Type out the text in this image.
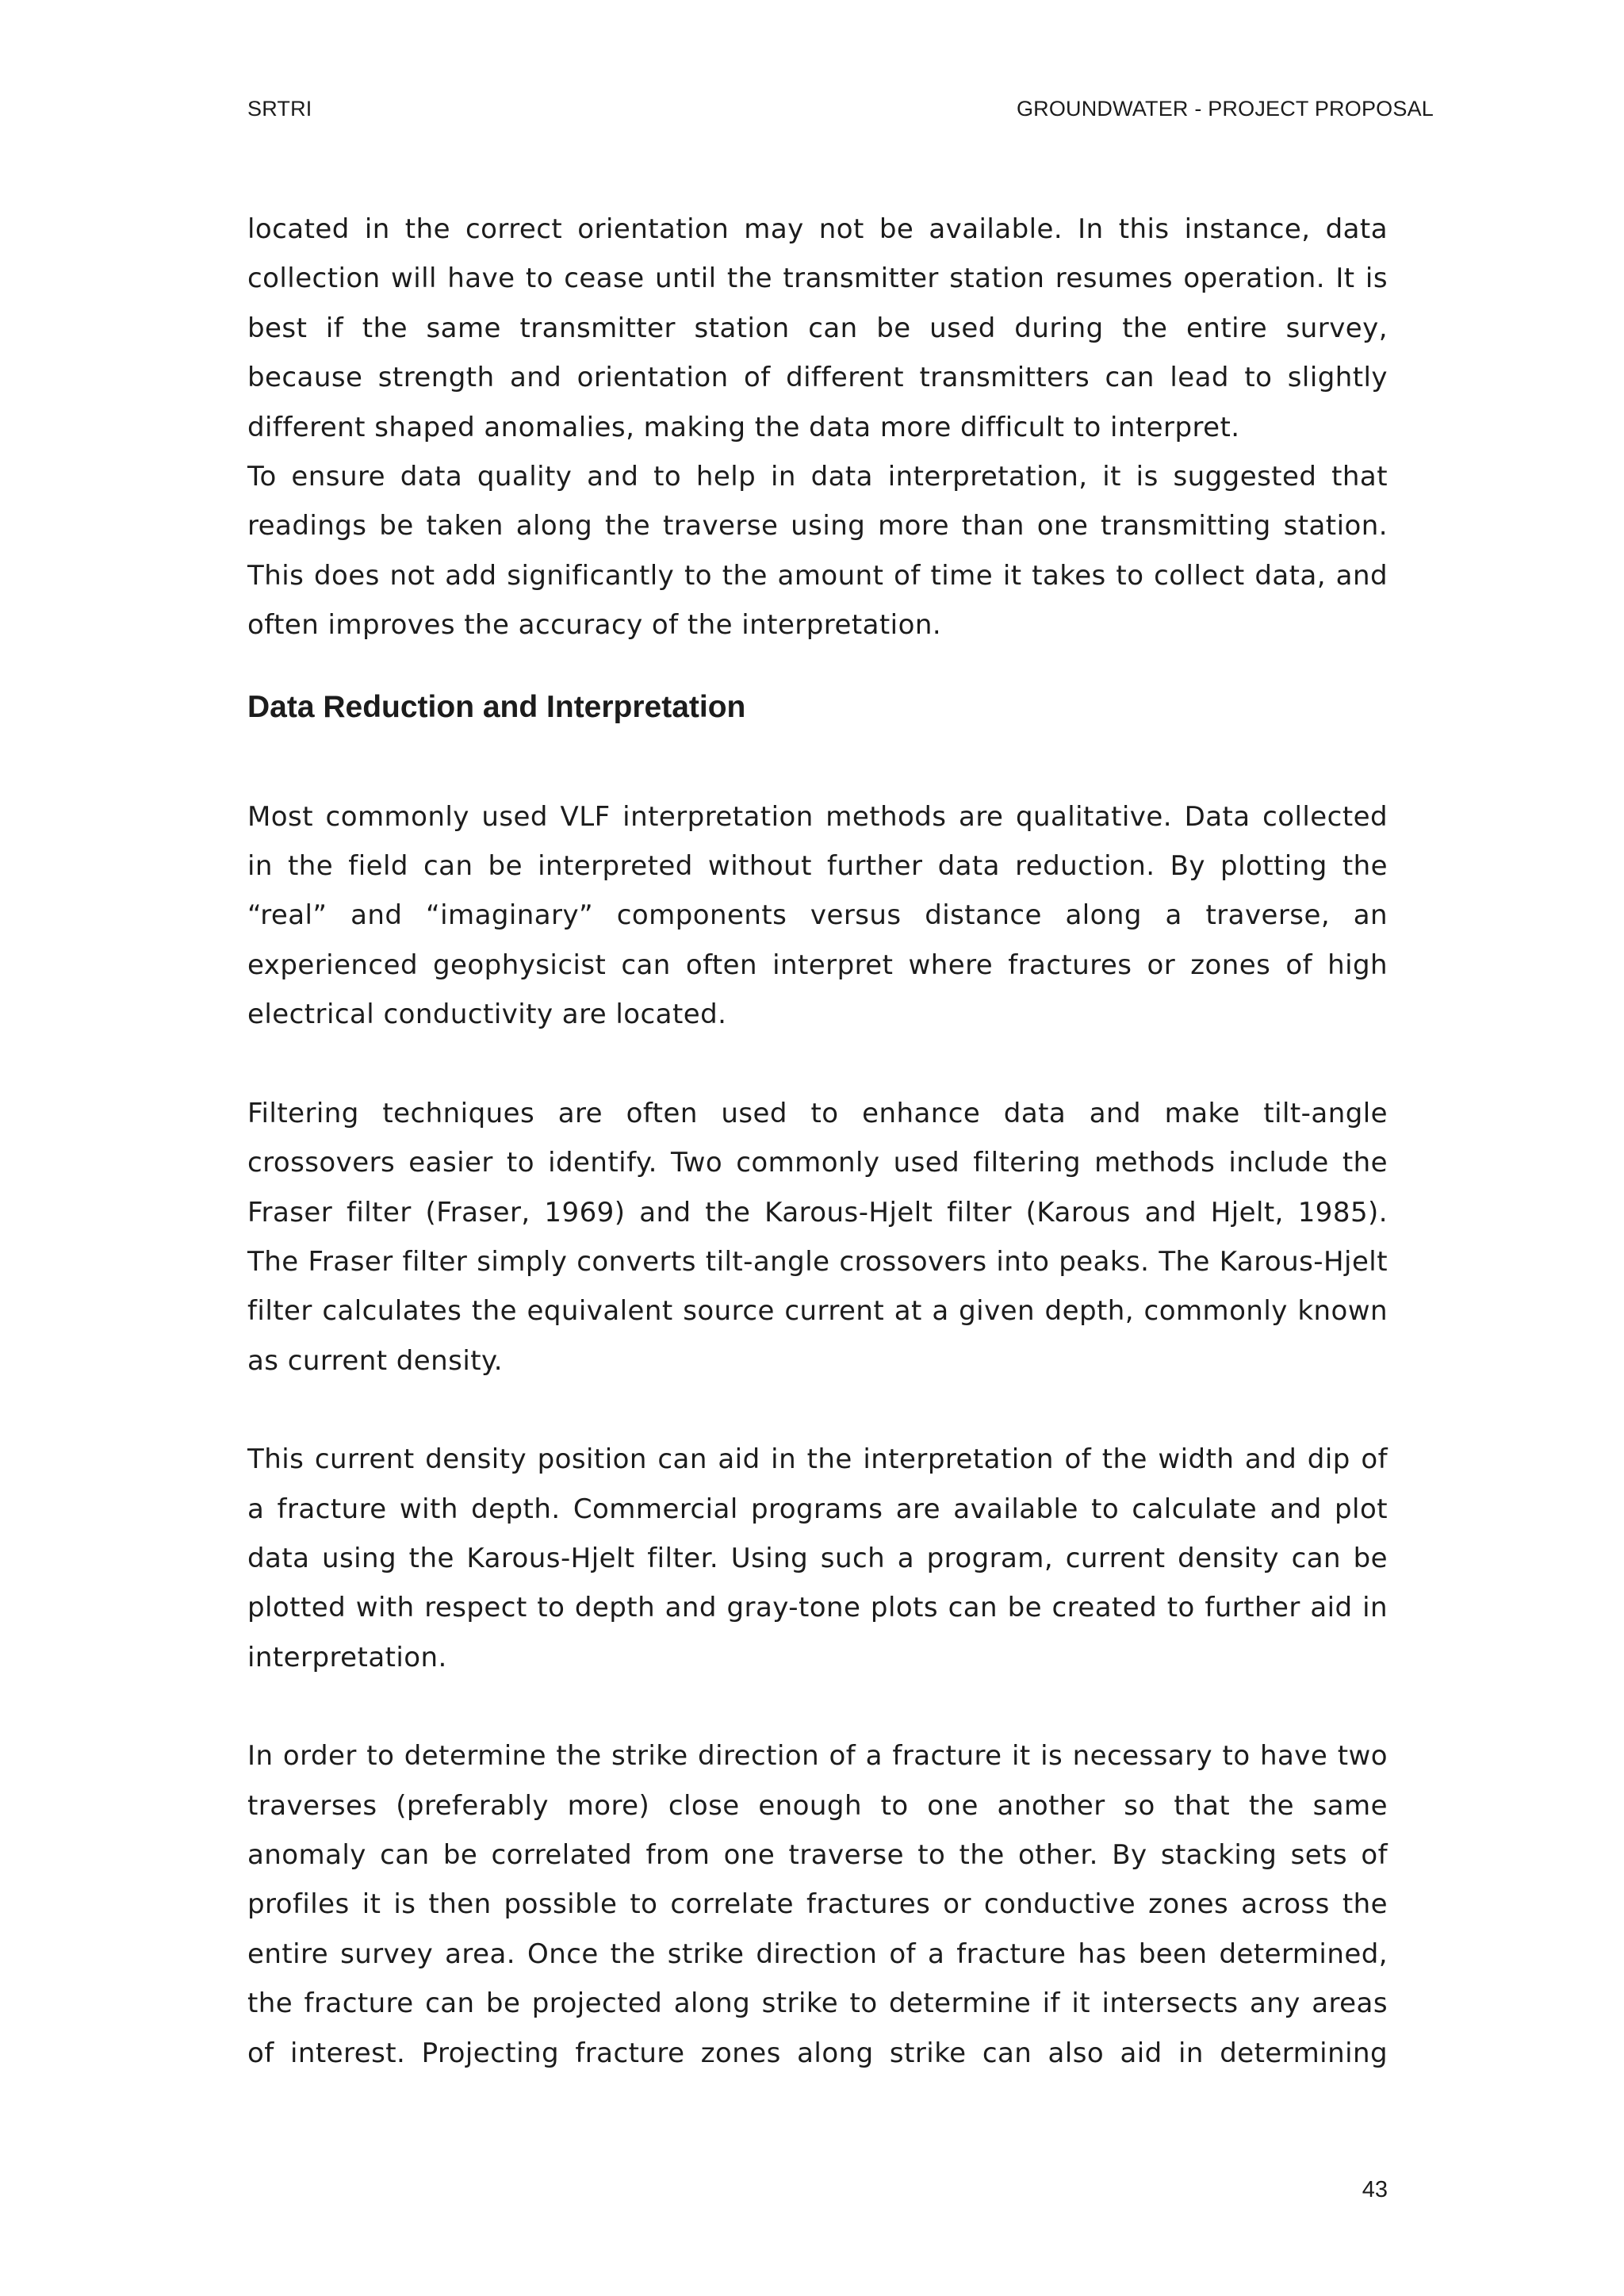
SRTRI	GROUNDWATER - PROJECT PROPOSAL

located in the correct orientation may not be available. In this instance, data collection will have to cease until the transmitter station resumes operation. It is best if the same transmitter station can be used during the entire survey, because strength and orientation of different transmitters can lead to slightly different shaped anomalies, making the data more difficult to interpret.

To ensure data quality and to help in data interpretation, it is suggested that readings be taken along the traverse using more than one transmitting station. This does not add significantly to the amount of time it takes to collect data, and often improves the accuracy of the interpretation.

Data Reduction and Interpretation

Most commonly used VLF interpretation methods are qualitative. Data collected in the field can be interpreted without further data reduction. By plotting the “real” and “imaginary” components versus distance along a traverse, an experienced geophysicist can often interpret where fractures or zones of high electrical conductivity are located.

Filtering techniques are often used to enhance data and make tilt-angle crossovers easier to identify. Two commonly used filtering methods include the Fraser filter (Fraser, 1969) and the Karous-Hjelt filter (Karous and Hjelt, 1985). The Fraser filter simply converts tilt-angle crossovers into peaks. The Karous-Hjelt filter calculates the equivalent source current at a given depth, commonly known as current density.

This current density position can aid in the interpretation of the width and dip of a fracture with depth. Commercial programs are available to calculate and plot data using the Karous-Hjelt filter. Using such a program, current density can be plotted with respect to depth and gray-tone plots can be created to further aid in interpretation.

In order to determine the strike direction of a fracture it is necessary to have two traverses (preferably more) close enough to one another so that the same anomaly can be correlated from one traverse to the other. By stacking sets of profiles it is then possible to correlate fractures or conductive zones across the entire survey area. Once the strike direction of a fracture has been determined, the fracture can be projected along strike to determine if it intersects any areas of interest. Projecting fracture zones along strike can also aid in determining

43
